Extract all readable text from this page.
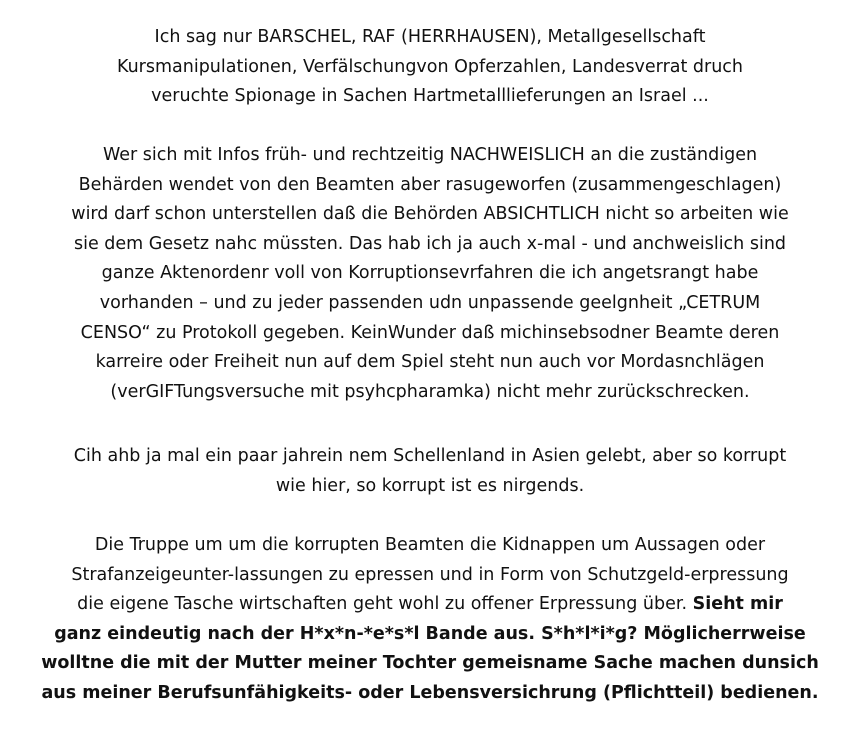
Ich sag nur BARSCHEL, RAF (HERRHAUSEN), Metallgesellschaft
Kursmanipulationen, Verfälschungvon Opferzahlen, Landesverrat druch
veruchte Spionage in Sachen Hartmetalllieferungen an Israel ...

Wer sich mit Infos früh- und rechtzeitig NACHWEISLICH an die zuständigen
Behärden wendet von den Beamten aber rasugeworfen (zusammengeschlagen)
wird darf schon unterstellen daß die Behörden ABSICHTLICH nicht so arbeiten wie
sie dem Gesetz nahc müssten. Das hab ich ja auch x-mal - und anchweislich sind
ganze Aktenordenr voll von Korruptionsevrfahren die ich angetsrangt habe
vorhanden – und zu jeder passenden udn unpassende geelgnheit „CETRUM
CENSO“ zu Protokoll gegeben. KeinWunder daß michinsebsodner Beamte deren
karreire oder Freiheit nun auf dem Spiel steht nun auch vor Mordasnchlägen
(verGIFTungsversuche mit psyhcpharamka) nicht mehr zurückschrecken.

Cih ahb ja mal ein paar jahrein nem Schellenland in Asien gelebt, aber so korrupt
wie hier, so korrupt ist es nirgends.

Die Truppe um um die korrupten Beamten die Kidnappen um Aussagen oder
Strafanzeigeunter-lassungen zu epressen und in Form von Schutzgeld-erpressung
die eigene Tasche wirtschaften geht wohl zu offener Erpressung über. Sieht mir
ganz eindeutig nach der H*x*n-*e*s*l Bande aus. S*h*l*i*g? Möglicherrweise
wolltne die mit der Mutter meiner Tochter gemeisname Sache machen dunsich
aus meiner Berufsunfähigkeits- oder Lebensversichrung (Pflichtteil) bedienen.
